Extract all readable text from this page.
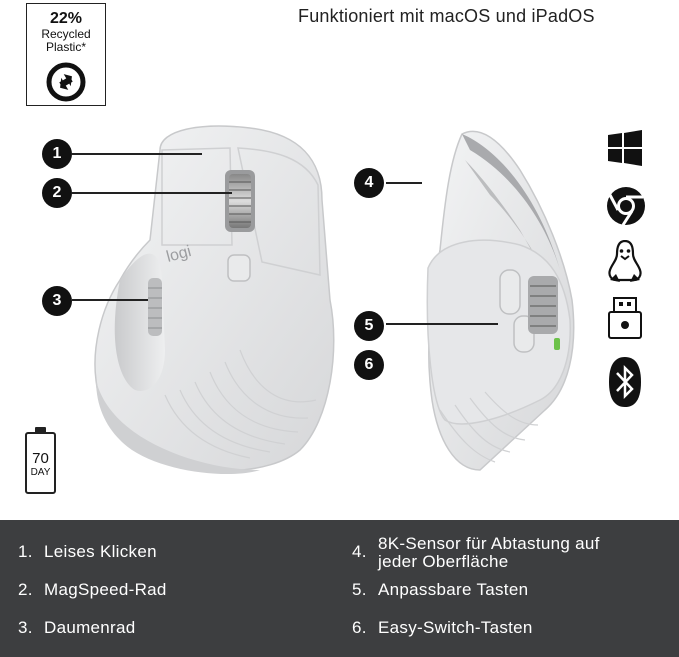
22%
Recycled
Plastic*
Funktioniert mit macOS und iPadOS
logi
1
2
3
4
5
6
70
DAY
1. Leises Klicken
2. MagSpeed-Rad
3. Daumenrad
4. 8K-Sensor für Abtastung auf
jeder Oberfläche
5. Anpassbare Tasten
6. Easy-Switch-Tasten
